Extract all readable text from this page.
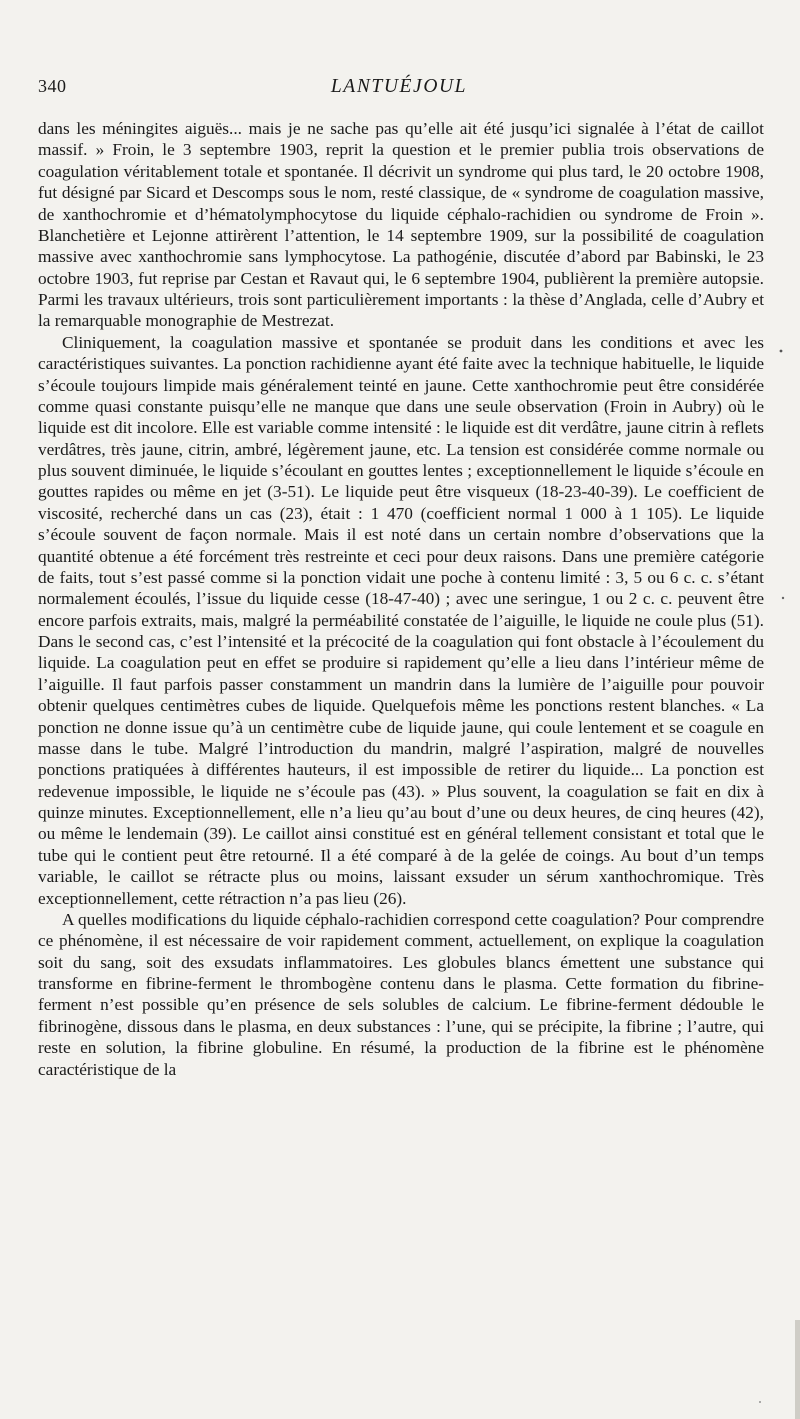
340	LANTUÉJOUL

dans les méningites aiguës... mais je ne sache pas qu’elle ait été jusqu’ici signalée à l’état de caillot massif. » Froin, le 3 septembre 1903, reprit la question et le premier publia trois observations de coagulation véritablement totale et spontanée. Il décrivit un syndrome qui plus tard, le 20 octobre 1908, fut désigné par Sicard et Descomps sous le nom, resté classique, de « syndrome de coagulation massive, de xanthochromie et d’hématolymphocytose du liquide céphalo-rachidien ou syndrome de Froin ». Blanchetière et Lejonne attirèrent l’attention, le 14 septembre 1909, sur la possibilité de coagulation massive avec xanthochromie sans lymphocytose. La pathogénie, discutée d’abord par Babinski, le 23 octobre 1903, fut reprise par Cestan et Ravaut qui, le 6 septembre 1904, publièrent la première autopsie. Parmi les travaux ultérieurs, trois sont particulièrement importants : la thèse d’Anglada, celle d’Aubry et la remarquable monographie de Mestrezat.

Cliniquement, la coagulation massive et spontanée se produit dans les conditions et avec les caractéristiques suivantes. La ponction rachidienne ayant été faite avec la technique habituelle, le liquide s’écoule toujours limpide mais généralement teinté en jaune. Cette xanthochromie peut être considérée comme quasi constante puisqu’elle ne manque que dans une seule observation (Froin in Aubry) où le liquide est dit incolore. Elle est variable comme intensité : le liquide est dit verdâtre, jaune citrin à reflets verdâtres, très jaune, citrin, ambré, légèrement jaune, etc. La tension est considérée comme normale ou plus souvent diminuée, le liquide s’écoulant en gouttes lentes ; exceptionnellement le liquide s’écoule en gouttes rapides ou même en jet (3-51). Le liquide peut être visqueux (18-23-40-39). Le coefficient de viscosité, recherché dans un cas (23), était : 1 470 (coefficient normal 1 000 à 1 105). Le liquide s’écoule souvent de façon normale. Mais il est noté dans un certain nombre d’observations que la quantité obtenue a été forcément très restreinte et ceci pour deux raisons. Dans une première catégorie de faits, tout s’est passé comme si la ponction vidait une poche à contenu limité : 3, 5 ou 6 c. c. s’étant normalement écoulés, l’issue du liquide cesse (18-47-40) ; avec une seringue, 1 ou 2 c. c. peuvent être encore parfois extraits, mais, malgré la perméabilité constatée de l’aiguille, le liquide ne coule plus (51). Dans le second cas, c’est l’intensité et la précocité de la coagulation qui font obstacle à l’écoulement du liquide. La coagulation peut en effet se produire si rapidement qu’elle a lieu dans l’intérieur même de l’aiguille. Il faut parfois passer constamment un mandrin dans la lumière de l’aiguille pour pouvoir obtenir quelques centimètres cubes de liquide. Quelquefois même les ponctions restent blanches. « La ponction ne donne issue qu’à un centimètre cube de liquide jaune, qui coule lentement et se coagule en masse dans le tube. Malgré l’introduction du mandrin, malgré l’aspiration, malgré de nouvelles ponctions pratiquées à différentes hauteurs, il est impossible de retirer du liquide... La ponction est redevenue impossible, le liquide ne s’écoule pas (43). » Plus souvent, la coagulation se fait en dix à quinze minutes. Exceptionnellement, elle n’a lieu qu’au bout d’une ou deux heures, de cinq heures (42), ou même le lendemain (39). Le caillot ainsi constitué est en général tellement consistant et total que le tube qui le contient peut être retourné. Il a été comparé à de la gelée de coings. Au bout d’un temps variable, le caillot se rétracte plus ou moins, laissant exsuder un sérum xanthochromique. Très exceptionnellement, cette rétraction n’a pas lieu (26).

A quelles modifications du liquide céphalo-rachidien correspond cette coagulation? Pour comprendre ce phénomène, il est nécessaire de voir rapidement comment, actuellement, on explique la coagulation soit du sang, soit des exsudats inflammatoires. Les globules blancs émettent une substance qui transforme en fibrine-ferment le thrombogène contenu dans le plasma. Cette formation du fibrine-ferment n’est possible qu’en présence de sels solubles de calcium. Le fibrine-ferment dédouble le fibrinogène, dissous dans le plasma, en deux substances : l’une, qui se précipite, la fibrine ; l’autre, qui reste en solution, la fibrine globuline. En résumé, la production de la fibrine est le phénomène caractéristique de la
